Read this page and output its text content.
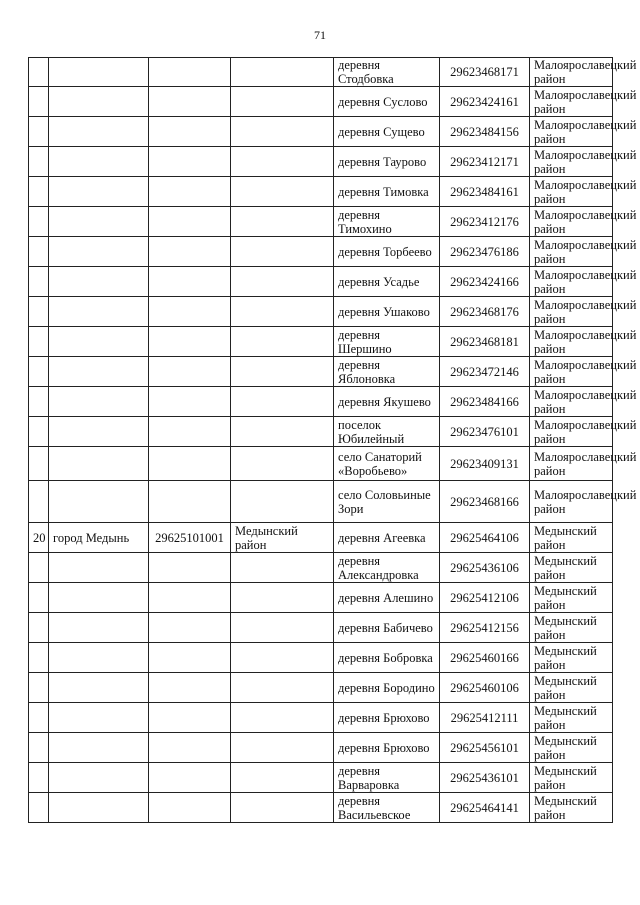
71
				деревня Стодбовка	29623468171	Малоярославецкий район
				деревня Суслово	29623424161	Малоярославецкий район
				деревня Сущево	29623484156	Малоярославецкий район
				деревня Таурово	29623412171	Малоярославецкий район
				деревня Тимовка	29623484161	Малоярославецкий район
				деревня Тимохино	29623412176	Малоярославецкий район
				деревня Торбеево	29623476186	Малоярославецкий район
				деревня Усадье	29623424166	Малоярославецкий район
				деревня Ушаково	29623468176	Малоярославецкий район
				деревня Шершино	29623468181	Малоярославецкий район
				деревня Яблоновка	29623472146	Малоярославецкий район
				деревня Якушево	29623484166	Малоярославецкий район
				поселок Юбилейный	29623476101	Малоярославецкий район
				село Санаторий «Воробьево»	29623409131	Малоярославецкий район
				село Соловьиные Зори	29623468166	Малоярославецкий район
20	город Медынь	29625101001	Медынский район	деревня Агеевка	29625464106	Медынский район
				деревня Александровка	29625436106	Медынский район
				деревня Алешино	29625412106	Медынский район
				деревня Бабичево	29625412156	Медынский район
				деревня Бобровка	29625460166	Медынский район
				деревня Бородино	29625460106	Медынский район
				деревня Брюхово	29625412111	Медынский район
				деревня Брюхово	29625456101	Медынский район
				деревня Варваровка	29625436101	Медынский район
				деревня Васильевское	29625464141	Медынский район
